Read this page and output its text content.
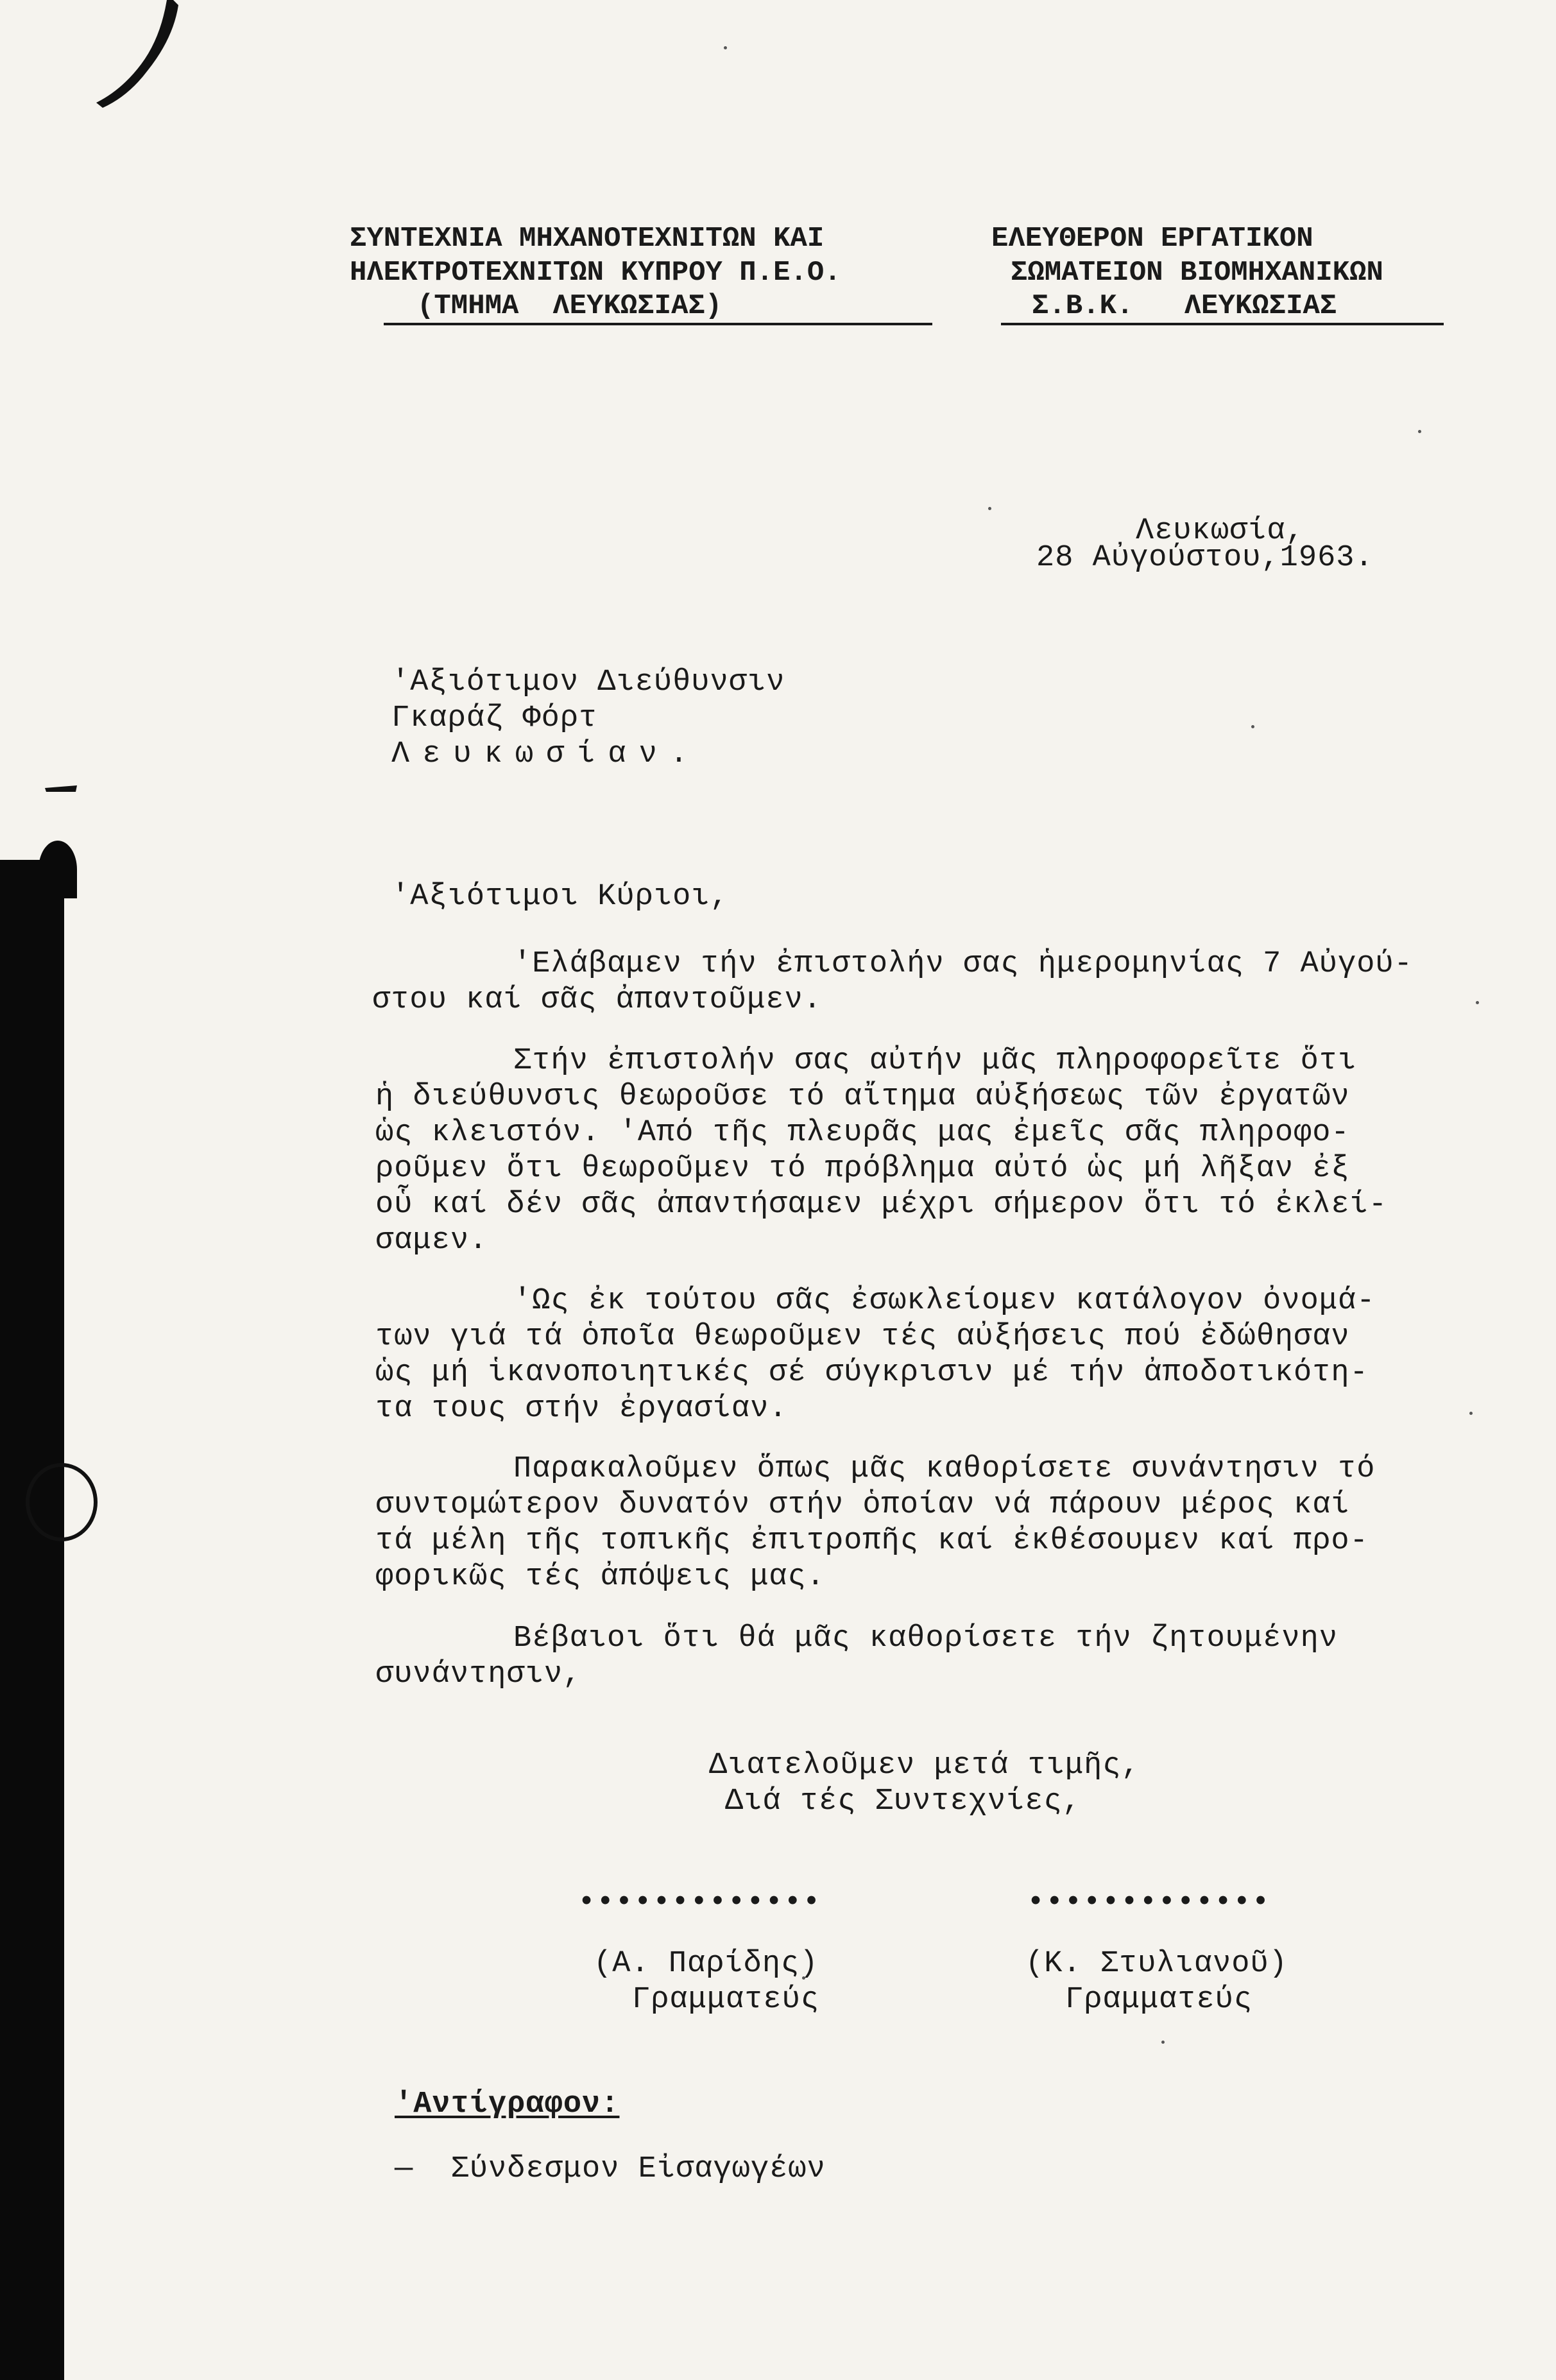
ΣΥΝΤΕΧΝΙΑ ΜΗΧΑΝΟΤΕΧΝΙΤΩΝ ΚΑΙ
ΗΛΕΚΤΡΟΤΕΧΝΙΤΩΝ ΚΥΠΡΟΥ Π.Ε.Ο.
(ΤΜΗΜΑ  ΛΕΥΚΩΣΙΑΣ)
ΕΛΕΥΘΕΡΟΝ ΕΡΓΑΤΙΚΟΝ
ΣΩΜΑΤΕΙΟΝ ΒΙΟΜΗΧΑΝΙΚΩΝ
Σ.Β.Κ.   ΛΕΥΚΩΣΙΑΣ
Λευκωσία,
28 Αὐγούστου,1963.
'Αξιότιμον Διεύθυνσιν
Γκαράζ Φόρτ
Λευκωσίαν.
'Αξιότιμοι Κύριοι,
'Ελάβαμεν τήν ἐπιστολήν σας ἡμερομηνίας 7 Αὐγού-
στου καί σᾶς ἀπαντοῦμεν.
Στήν ἐπιστολήν σας αὐτήν μᾶς πληροφορεῖτε ὅτι
ἡ διεύθυνσις θεωροῦσε τό αἴτημα αὐξήσεως τῶν ἐργατῶν
ὡς κλειστόν. 'Από τῆς πλευρᾶς μας ἐμεῖς σᾶς πληροφο-
ροῦμεν ὅτι θεωροῦμεν τό πρόβλημα αὐτό ὡς μή λῆξαν ἐξ
οὗ καί δέν σᾶς ἀπαντήσαμεν μέχρι σήμερον ὅτι τό ἐκλεί-
σαμεν.
'Ως ἐκ τούτου σᾶς ἐσωκλείομεν κατάλογον ὀνομά-
των γιά τά ὁποῖα θεωροῦμεν τές αὐξήσεις πού ἐδώθησαν
ὡς μή ἱκανοποιητικές σέ σύγκρισιν μέ τήν ἀποδοτικότη-
τα τους στήν ἐργασίαν.
Παρακαλοῦμεν ὅπως μᾶς καθορίσετε συνάντησιν τό
συντομώτερον δυνατόν στήν ὁποίαν νά πάρουν μέρος καί
τά μέλη τῆς τοπικῆς ἐπιτροπῆς καί ἐκθέσουμεν καί προ-
φορικῶς τές ἀπόψεις μας.
Βέβαιοι ὅτι θά μᾶς καθορίσετε τήν ζητουμένην
συνάντησιν,
Διατελοῦμεν μετά τιμῆς,
Διά τές Συντεχνίες,
•••••••••••••	•••••••••••••
(Α. Παρίδης)
Γραμματεύς
(Κ. Στυλιανοῦ)
Γραμματεύς
'Αντίγραφον:
—  Σύνδεσμον Εἰσαγωγέων
